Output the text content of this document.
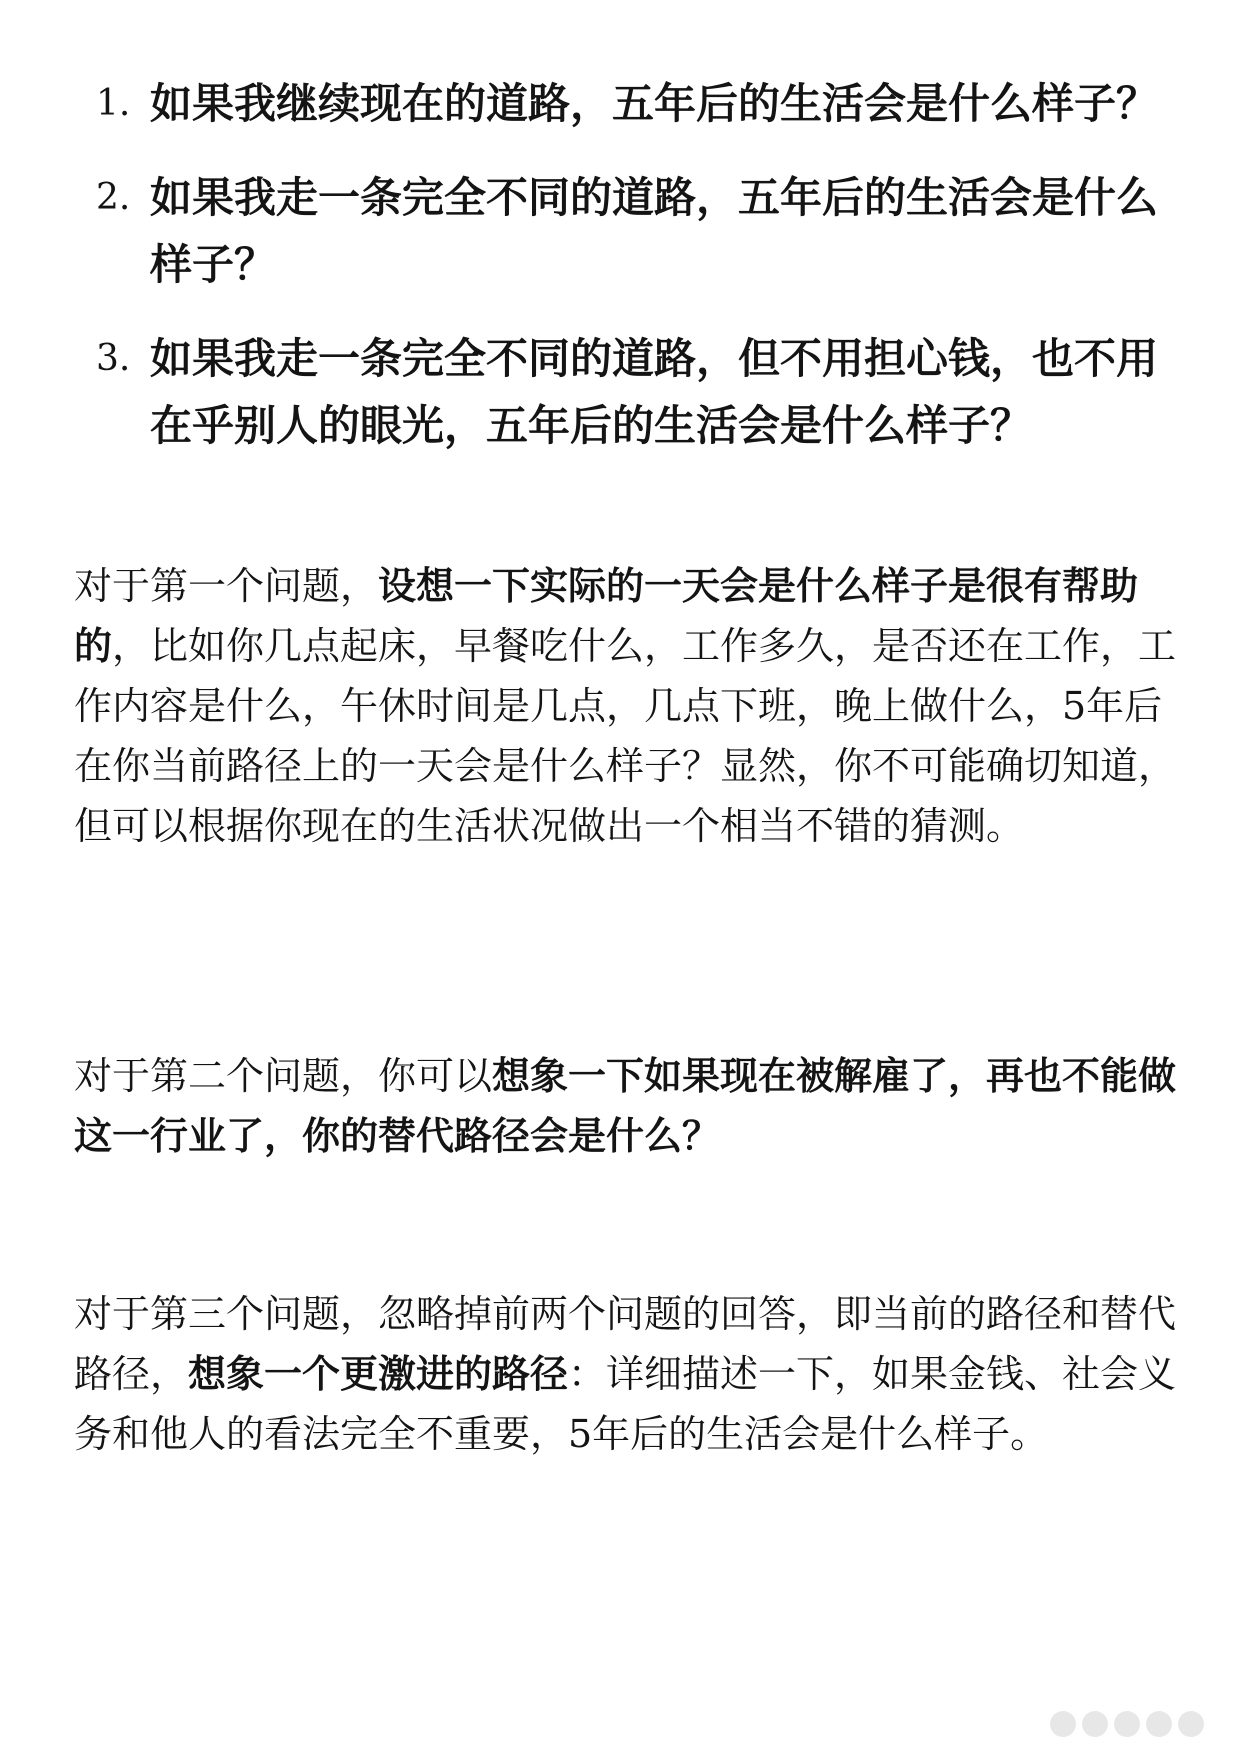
1. 如果我继续现在的道路，五年后的生活会是什么样子？
2. 如果我走一条完全不同的道路，五年后的生活会是什么样子？
3. 如果我走一条完全不同的道路，但不用担心钱，也不用在乎别人的眼光，五年后的生活会是什么样子？

对于第一个问题，设想一下实际的一天会是什么样子是很有帮助的，比如你几点起床，早餐吃什么，工作多久，是否还在工作，工作内容是什么，午休时间是几点，几点下班，晚上做什么，5年后在你当前路径上的一天会是什么样子？显然，你不可能确切知道，但可以根据你现在的生活状况做出一个相当不错的猜测。

对于第二个问题，你可以想象一下如果现在被解雇了，再也不能做这一行业了，你的替代路径会是什么？

对于第三个问题，忽略掉前两个问题的回答，即当前的路径和替代路径，想象一个更激进的路径：详细描述一下，如果金钱、社会义务和他人的看法完全不重要，5年后的生活会是什么样子。
